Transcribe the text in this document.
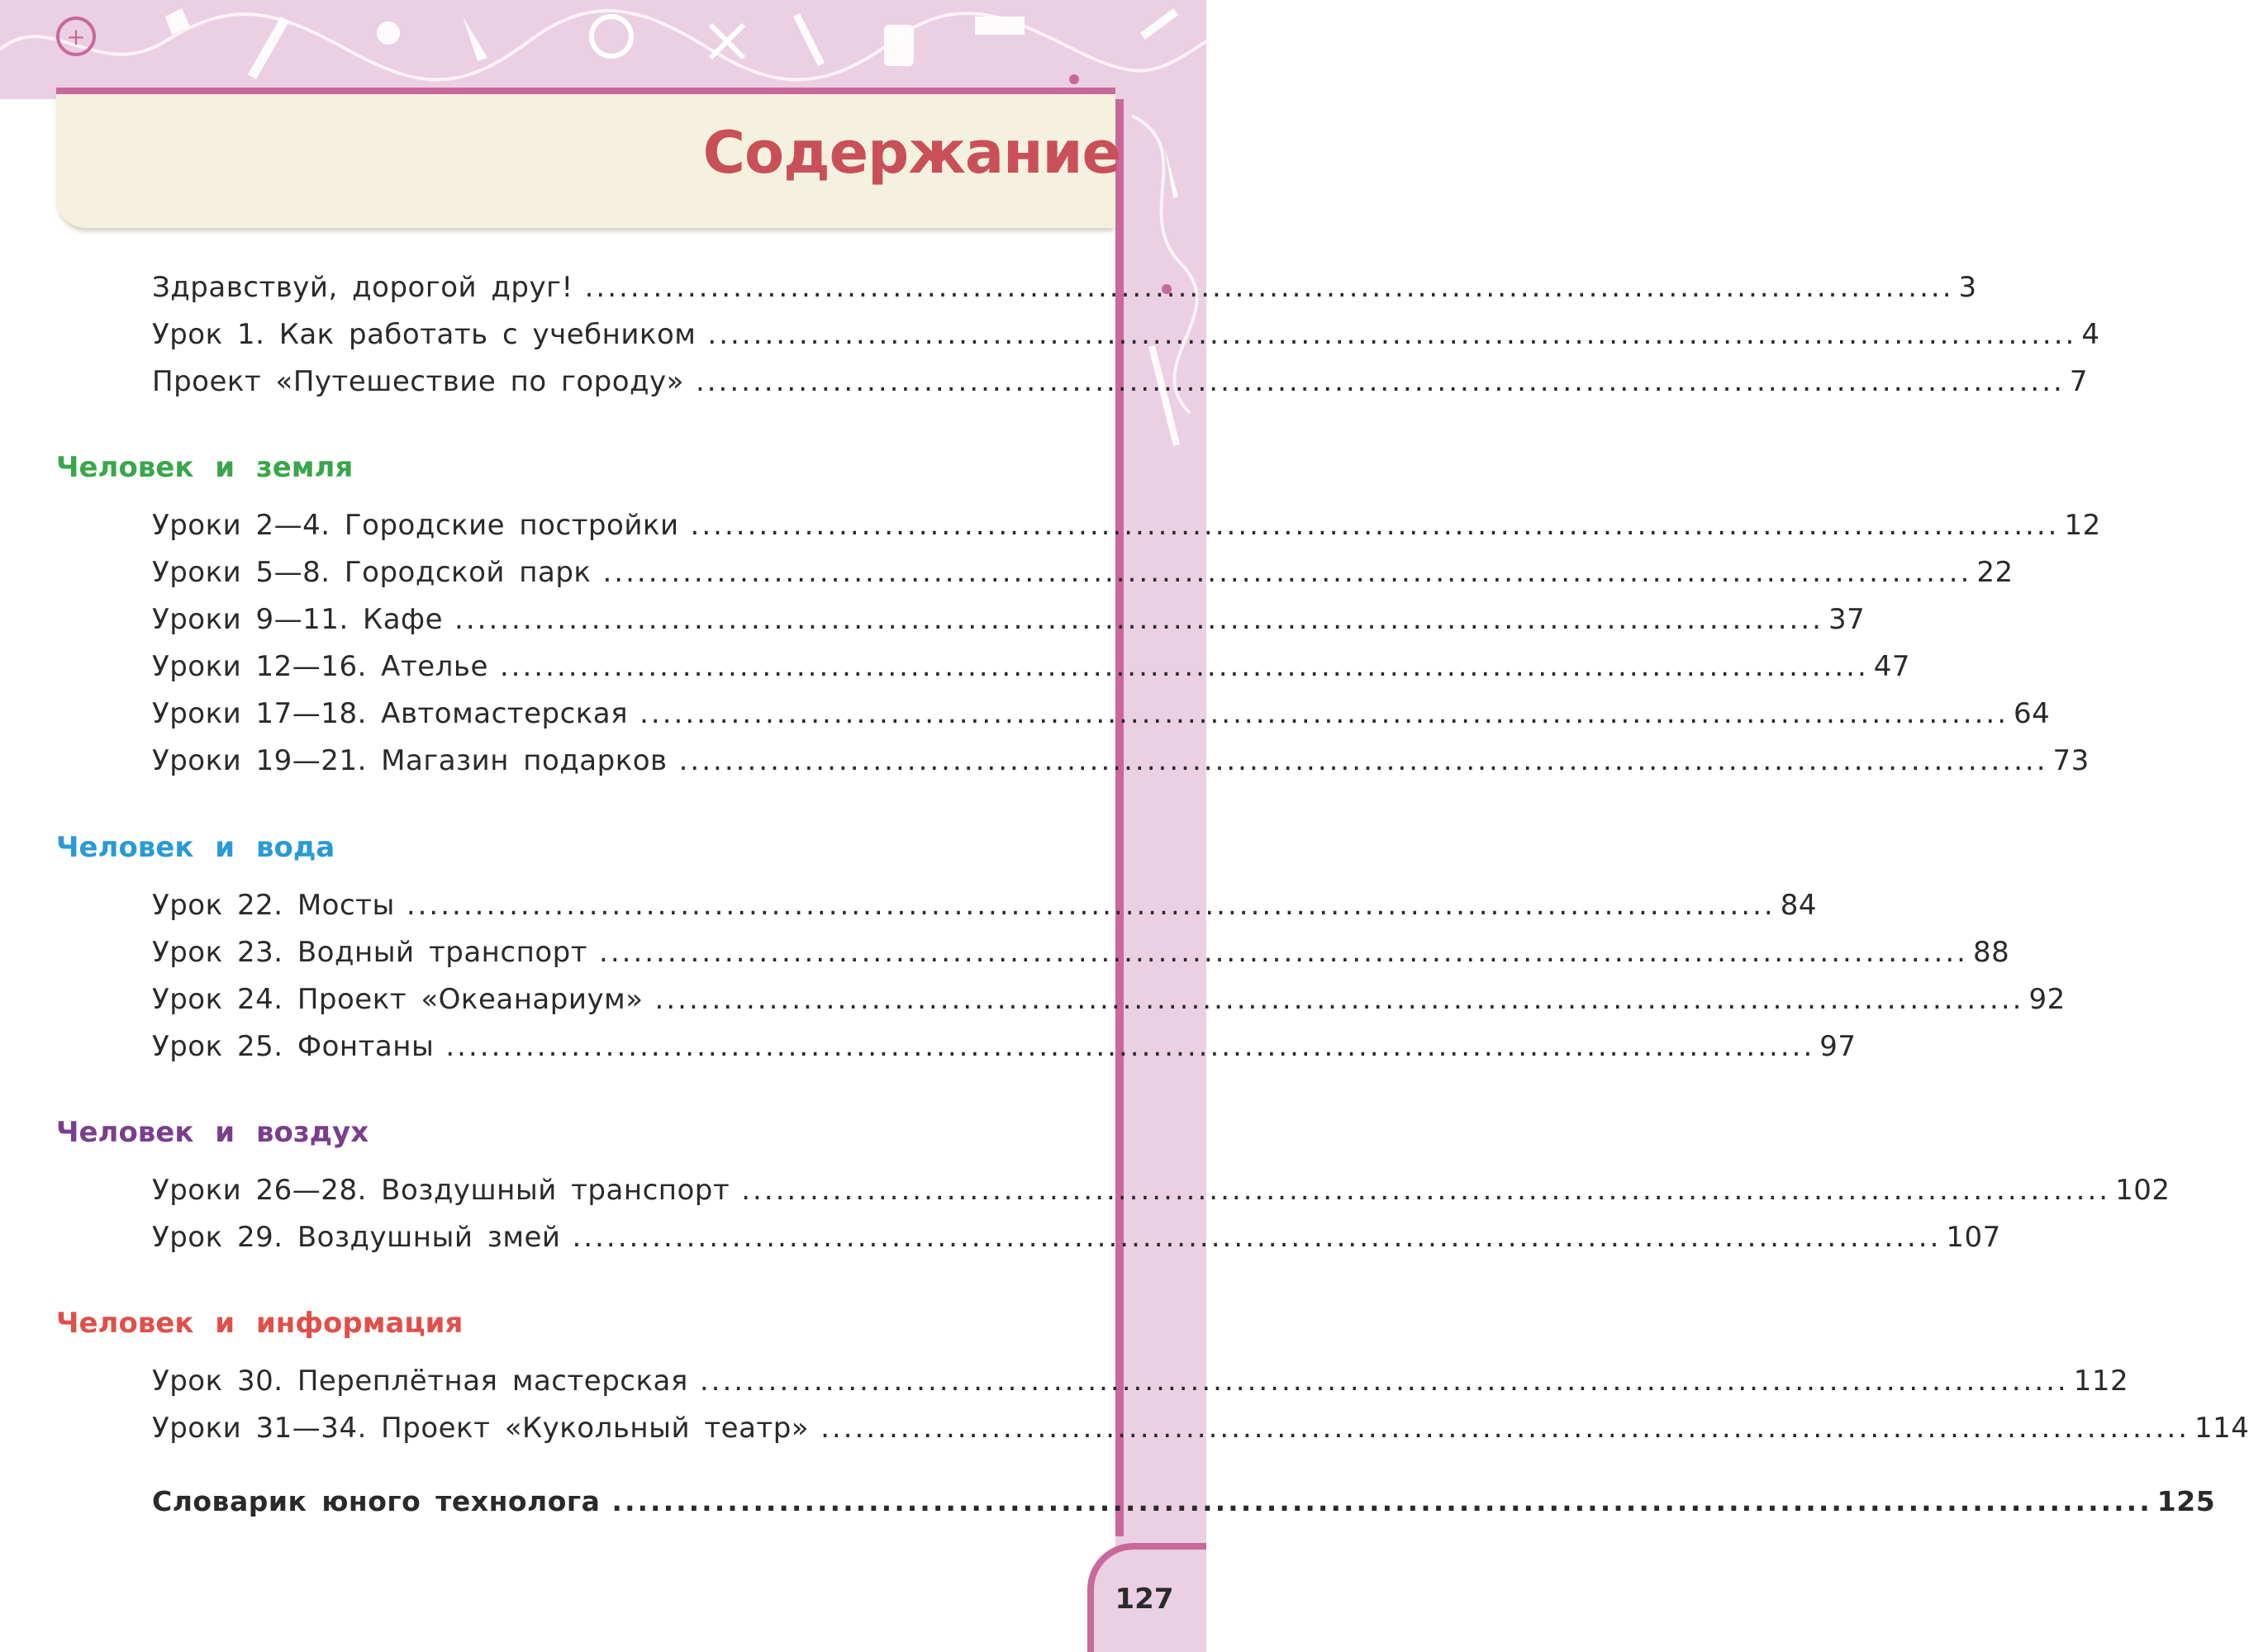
+
Содержание
Здравствуй, дорогой друг! ........................................................................................................................ 3
Урок 1. Как работать с учебником ........................................................................................................................ 4
Проект «Путешествие по городу» ........................................................................................................................ 7
Человек и земля
Уроки 2—4. Городские постройки ........................................................................................................................ 12
Уроки 5—8. Городской парк ........................................................................................................................ 22
Уроки 9—11. Кафе ........................................................................................................................ 37
Уроки 12—16. Ателье ........................................................................................................................ 47
Уроки 17—18. Автомастерская ........................................................................................................................ 64
Уроки 19—21. Магазин подарков ........................................................................................................................ 73
Человек и вода
Урок 22. Мосты ........................................................................................................................ 84
Урок 23. Водный транспорт ........................................................................................................................ 88
Урок 24. Проект «Океанариум» ........................................................................................................................ 92
Урок 25. Фонтаны ........................................................................................................................ 97
Человек и воздух
Уроки 26—28. Воздушный транспорт ........................................................................................................................ 102
Урок 29. Воздушный змей ........................................................................................................................ 107
Человек и информация
Урок 30. Переплётная мастерская ........................................................................................................................ 112
Уроки 31—34. Проект «Кукольный театр» ........................................................................................................................ 114
Словарик юного технолога ........................................................................................................................ 125
127
